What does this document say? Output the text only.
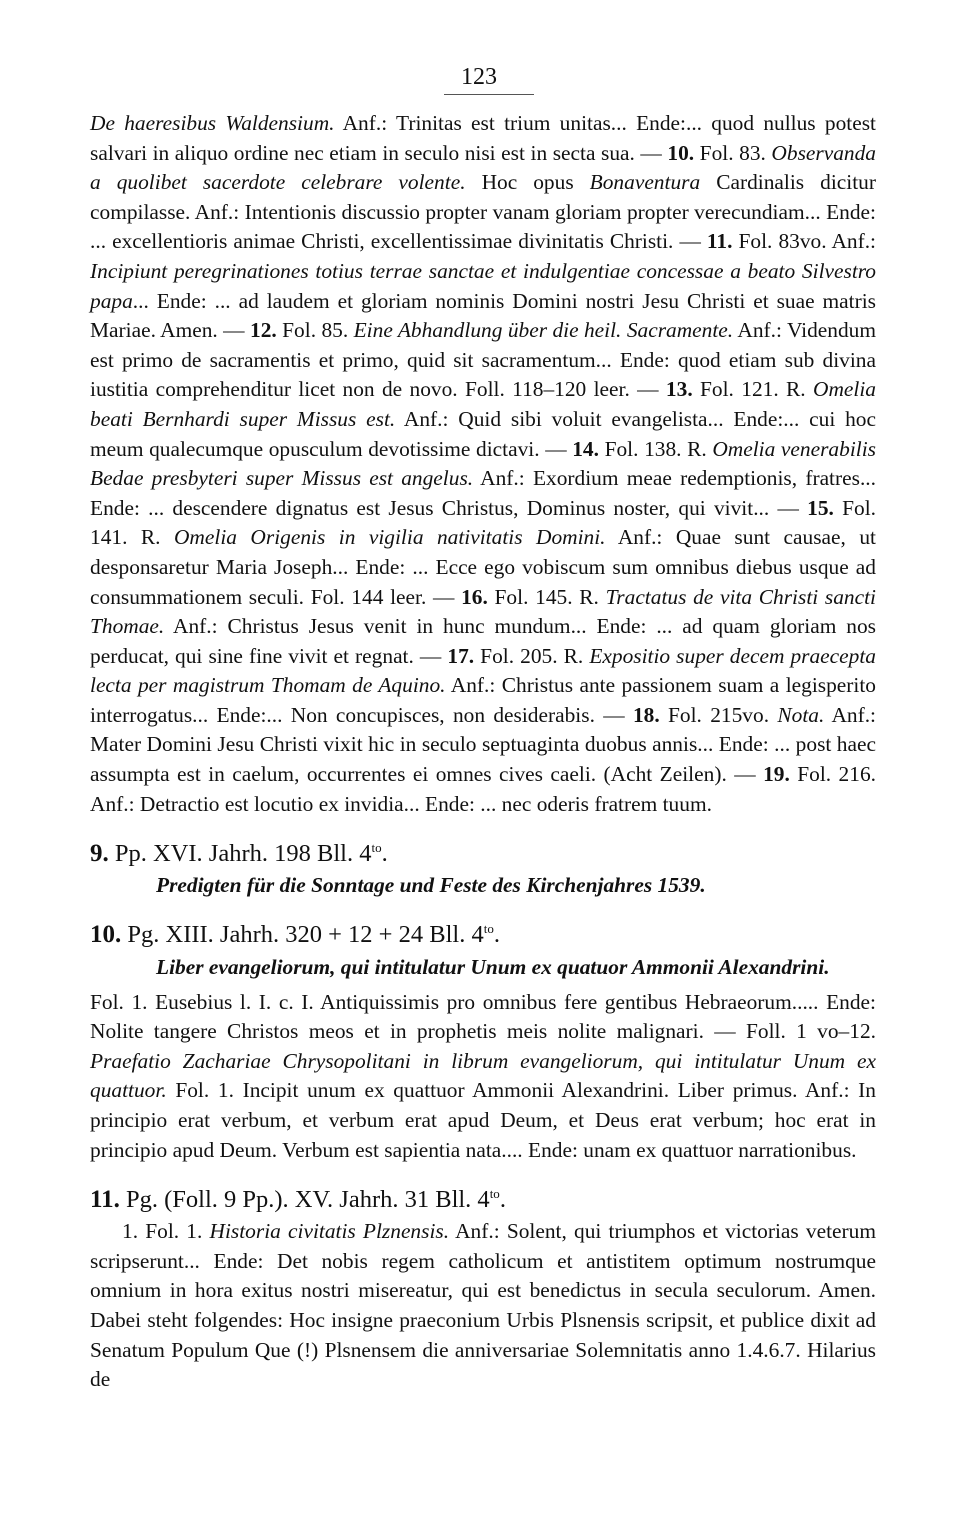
123

De haeresibus Waldensium. Anf.: Trinitas est trium unitas... Ende:... quod nullus potest salvari in aliquo ordine nec etiam in seculo nisi est in secta sua. — 10. Fol. 83. Observanda a quolibet sacerdote celebrare volente. Hoc opus Bonaventura Cardinalis dicitur compilasse. Anf.: Intentionis discussio propter vanam gloriam propter verecundiam... Ende: ... excellentioris animae Christi, excellentissimae divinitatis Christi. — 11. Fol. 83vo. Anf.: Incipiunt peregrinationes totius terrae sanctae et indulgentiae concessae a beato Silvestro papa... Ende: ... ad laudem et gloriam nominis Domini nostri Jesu Christi et suae matris Mariae. Amen. — 12. Fol. 85. Eine Abhandlung über die heil. Sacramente. Anf.: Videndum est primo de sacramentis et primo, quid sit sacramentum... Ende: quod etiam sub divina iustitia comprehenditur licet non de novo. Foll. 118–120 leer. — 13. Fol. 121. R. Omelia beati Bernhardi super Missus est. Anf.: Quid sibi voluit evangelista... Ende:... cui hoc meum qualecumque opusculum devotissime dictavi. — 14. Fol. 138. R. Omelia venerabilis Bedae presbyteri super Missus est angelus. Anf.: Exordium meae redemptionis, fratres... Ende: ... descendere dignatus est Jesus Christus, Dominus noster, qui vivit... — 15. Fol. 141. R. Omelia Origenis in vigilia nativitatis Domini. Anf.: Quae sunt causae, ut desponsaretur Maria Joseph... Ende: ... Ecce ego vobiscum sum omnibus diebus usque ad consummationem seculi. Fol. 144 leer. — 16. Fol. 145. R. Tractatus de vita Christi sancti Thomae. Anf.: Christus Jesus venit in hunc mundum... Ende: ... ad quam gloriam nos perducat, qui sine fine vivit et regnat. — 17. Fol. 205. R. Expositio super decem praecepta lecta per magistrum Thomam de Aquino. Anf.: Christus ante passionem suam a legisperito interrogatus... Ende:... Non concupisces, non desiderabis. — 18. Fol. 215vo. Nota. Anf.: Mater Domini Jesu Christi vixit hic in seculo septuaginta duobus annis... Ende: ... post haec assumpta est in caelum, occurrentes ei omnes cives caeli. (Acht Zeilen). — 19. Fol. 216. Anf.: Detractio est locutio ex invidia... Ende: ... nec oderis fratrem tuum.

9. Pp. XVI. Jahrh. 198 Bll. $4^{to}$.
Predigten für die Sonntage und Feste des Kirchenjahres 1539.
10. Pg. XIII. Jahrh. 320 + 12 + 24 Bll. $4^{to}$.
Liber evangeliorum, qui intitulatur Unum ex quatuor Ammonii Alexandrini.

Fol. 1. Eusebius l. I. c. I. Antiquissimis pro omnibus fere gentibus Hebraeorum..... Ende: Nolite tangere Christos meos et in prophetis meis nolite malignari. — Foll. 1 vo–12. Praefatio Zachariae Chrysopolitani in librum evangeliorum, qui intitulatur Unum ex quattuor. Fol. 1. Incipit unum ex quattuor Ammonii Alexandrini. Liber primus. Anf.: In principio erat verbum, et verbum erat apud Deum, et Deus erat verbum; hoc erat in principio apud Deum. Verbum est sapientia nata.... Ende: unam ex quattuor narrationibus.

11. Pg. (Foll. 9 Pp.). XV. Jahrh. 31 Bll. $4^{to}$.

1. Fol. 1. Historia civitatis Plznensis. Anf.: Solent, qui triumphos et victorias veterum scripserunt... Ende: Det nobis regem catholicum et antistitem optimum nostrumque omnium in hora exitus nostri misereatur, qui est benedictus in secula seculorum. Amen. Dabei steht folgendes: Hoc insigne praeconium Urbis Plsnensis scripsit, et publice dixit ad Senatum Populum Que (!) Plsnensem die anniversariae Solemnitatis anno 1.4.6.7. Hilarius de
